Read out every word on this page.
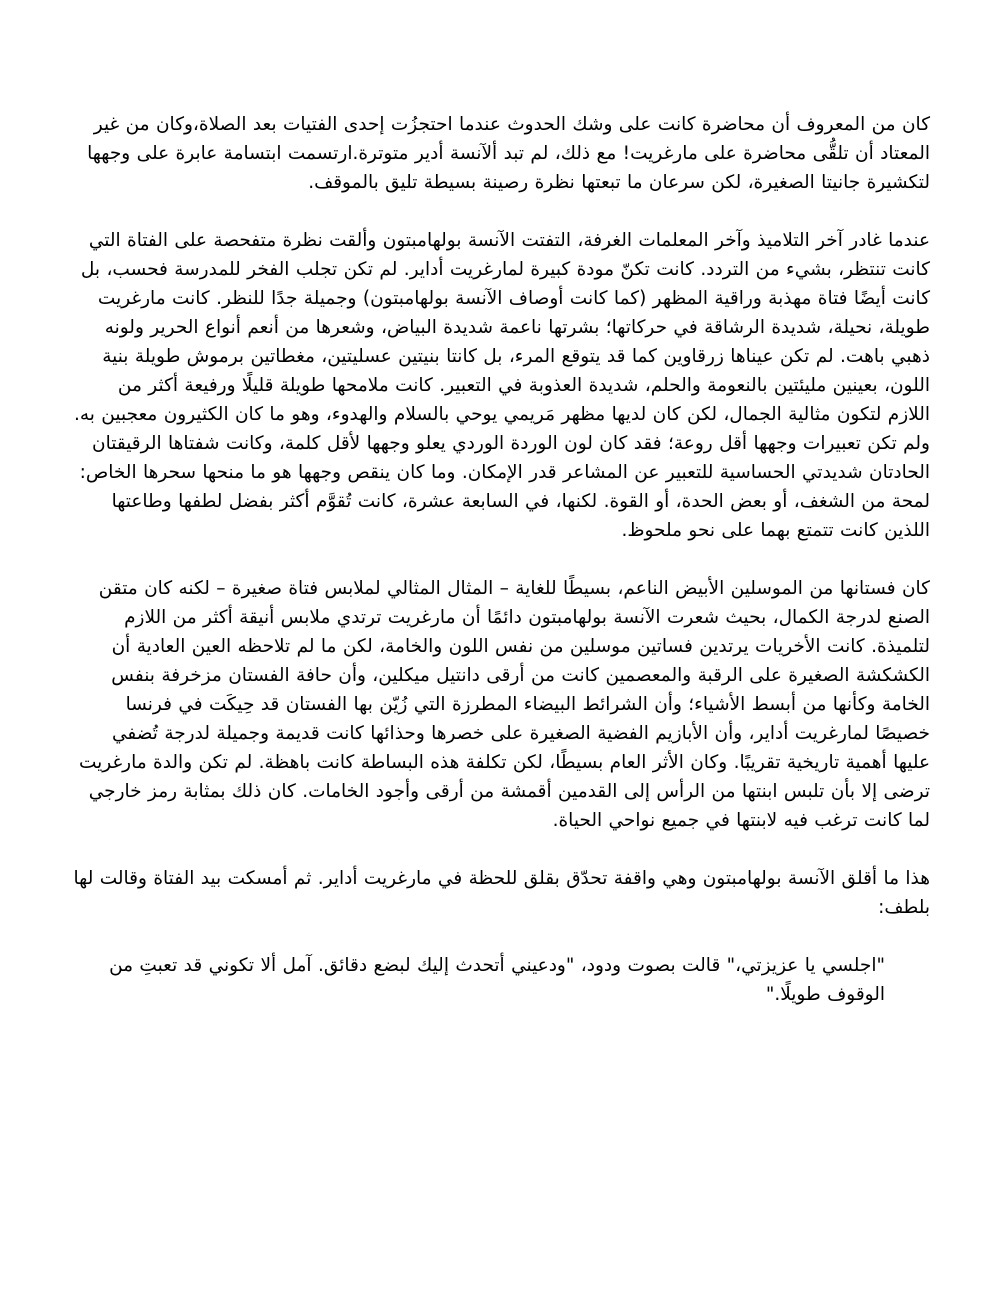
كان من المعروف أن محاضرة كانت على وشك الحدوث عندما احتجزُت إحدى الفتيات بعد الصلاة،وكان من غير المعتاد أن تلقُّى محاضرة على مارغريت! مع ذلك، لم تبد ألآنسة أدير متوترة.ارتسمت ابتسامة عابرة على وجهها لتكشيرة جانيتا الصغيرة، لكن سرعان ما تبعتها نظرة رصينة بسيطة تليق بالموقف.

عندما غادر آخر التلاميذ وآخر المعلمات الغرفة، التفتت الآنسة بولهامبتون وألقت نظرة متفحصة على الفتاة التي كانت تنتظر، بشيء من التردد. كانت تكنّ مودة كبيرة لمارغريت أداير. لم تكن تجلب الفخر للمدرسة فحسب، بل كانت أيضًا فتاة مهذبة وراقية المظهر (كما كانت أوصاف الآنسة بولهامبتون) وجميلة جدًا للنظر. كانت مارغريت طويلة، نحيلة، شديدة الرشاقة في حركاتها؛ بشرتها ناعمة شديدة البياض، وشعرها من أنعم أنواع الحرير ولونه ذهبي باهت. لم تكن عيناها زرقاوين كما قد يتوقع المرء، بل كانتا بنيتين عسليتين، مغطاتين برموش طويلة بنية اللون، بعينين مليئتين بالنعومة والحلم، شديدة العذوبة في التعبير. كانت ملامحها طويلة قليلًا ورفيعة أكثر من اللازم لتكون مثالية الجمال، لكن كان لديها مظهر مَريمي يوحي بالسلام والهدوء، وهو ما كان الكثيرون معجبين به. ولم تكن تعبيرات وجهها أقل روعة؛ فقد كان لون الوردة الوردي يعلو وجهها لأقل كلمة، وكانت شفتاها الرقيقتان الحادتان شديدتي الحساسية للتعبير عن المشاعر قدر الإمكان. وما كان ينقص وجهها هو ما منحها سحرها الخاص: لمحة من الشغف، أو بعض الحدة، أو القوة. لكنها، في السابعة عشرة، كانت تُقوَّم أكثر بفضل لطفها وطاعتها اللذين كانت تتمتع بهما على نحو ملحوظ.

كان فستانها من الموسلين الأبيض الناعم، بسيطًا للغاية – المثال المثالي لملابس فتاة صغيرة – لكنه كان متقن الصنع لدرجة الكمال، بحيث شعرت الآنسة بولهامبتون دائمًا أن مارغريت ترتدي ملابس أنيقة أكثر من اللازم لتلميذة. كانت الأخريات يرتدين فساتين موسلين من نفس اللون والخامة، لكن ما لم تلاحظه العين العادية أن الكشكشة الصغيرة على الرقبة والمعصمين كانت من أرقى دانتيل ميكلين، وأن حافة الفستان مزخرفة بنفس الخامة وكأنها من أبسط الأشياء؛ وأن الشرائط البيضاء المطرزة التي زُيّن بها الفستان قد حِيكَت في فرنسا خصيصًا لمارغريت أداير، وأن الأبازيم الفضية الصغيرة على خصرها وحذائها كانت قديمة وجميلة لدرجة تُضفي عليها أهمية تاريخية تقريبًا. وكان الأثر العام بسيطًا، لكن تكلفة هذه البساطة كانت باهظة. لم تكن والدة مارغريت ترضى إلا بأن تلبس ابنتها من الرأس إلى القدمين أقمشة من أرقى وأجود الخامات. كان ذلك بمثابة رمز خارجي لما كانت ترغب فيه لابنتها في جميع نواحي الحياة.

هذا ما أقلق الآنسة بولهامبتون وهي واقفة تحدّق بقلق للحظة في مارغريت أداير. ثم أمسكت بيد الفتاة وقالت لها بلطف:

"اجلسي يا عزيزتي،" قالت بصوت ودود، "ودعيني أتحدث إليك لبضع دقائق. آمل ألا تكوني قد تعبتِ من الوقوف طويلًا."
